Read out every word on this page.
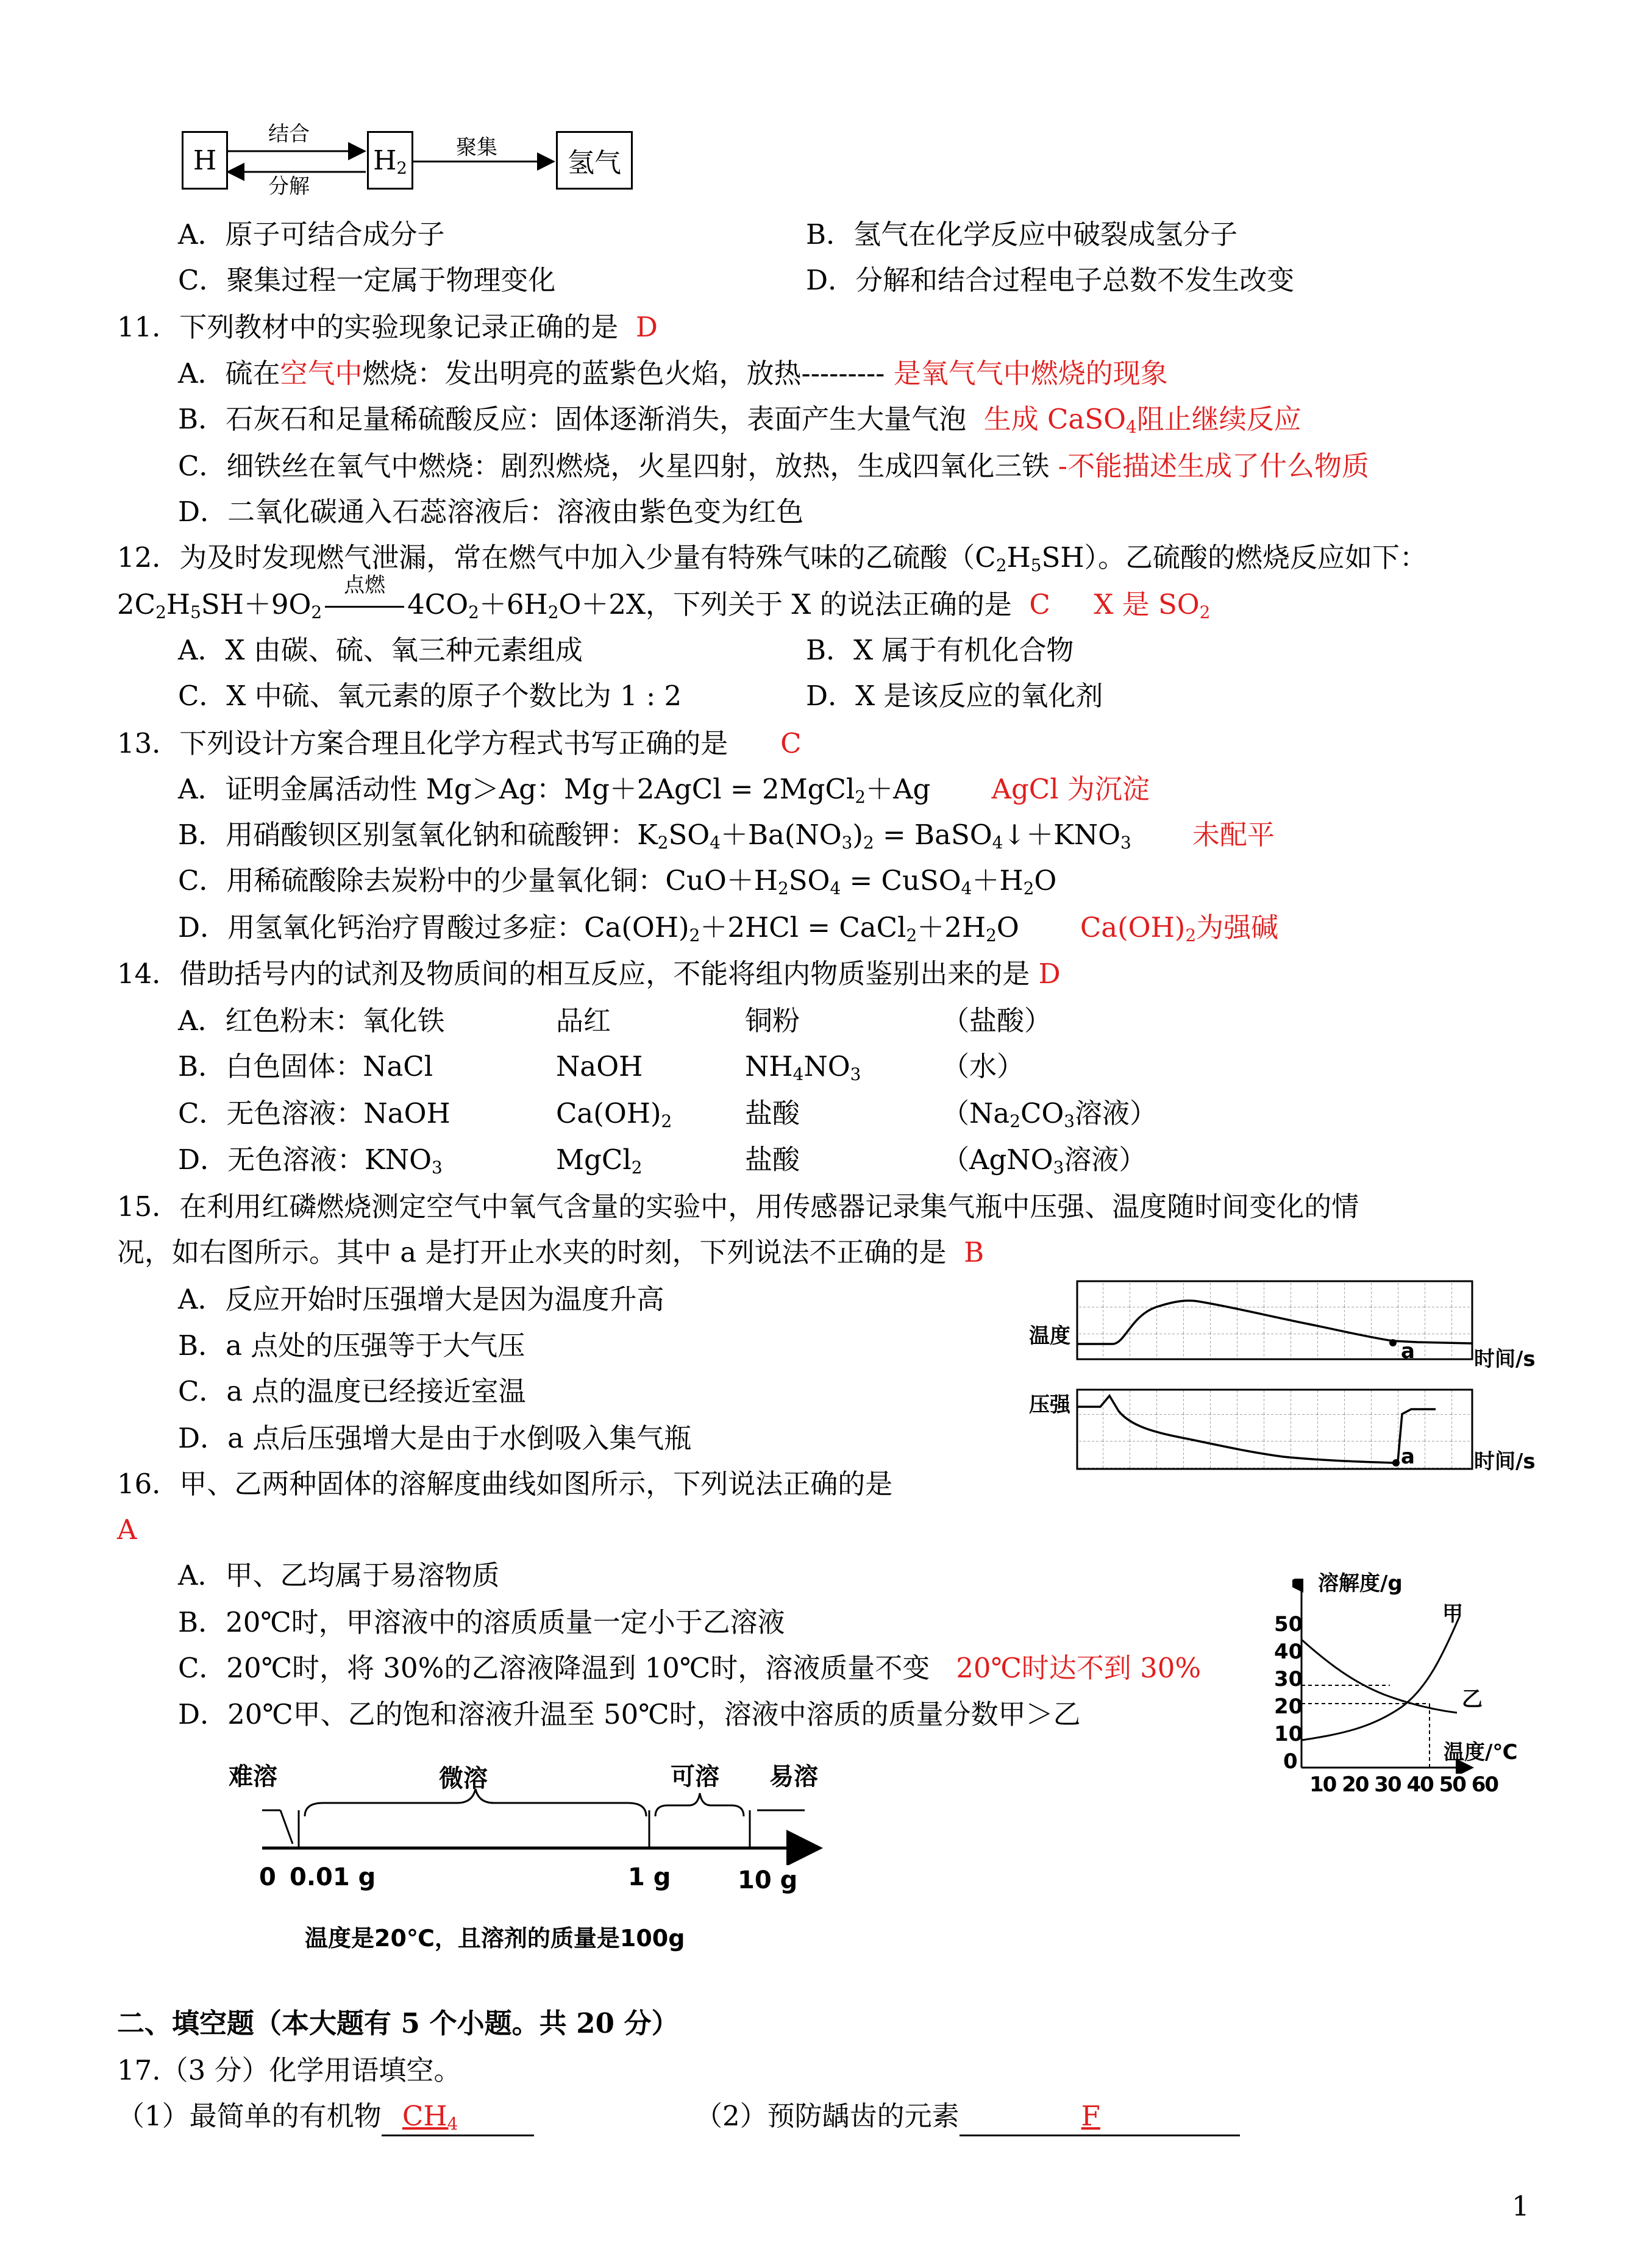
H	$H_2$	氢气
结合
分解
聚集
A．原子可结合成分子	B．氢气在化学反应中破裂成氢分子
C．聚集过程一定属于物理变化	D．分解和结合过程电子总数不发生改变
11．下列教材中的实验现象记录正确的是 D
A．硫在空气中燃烧：发出明亮的蓝紫色火焰，放热--------- 是氧气气中燃烧的现象
B．石灰石和足量稀硫酸反应：固体逐渐消失，表面产生大量气泡 生成 CaSO$_4$阻止继续反应
C．细铁丝在氧气中燃烧：剧烈燃烧，火星四射，放热，生成四氧化三铁 -不能描述生成了什么物质
D．二氧化碳通入石蕊溶液后：溶液由紫色变为红色
12．为及时发现燃气泄漏，常在燃气中加入少量有特殊气味的乙硫酸$(C_2H_5SH)$。乙硫酸的燃烧反应如下：
$2C_2H_5SH+9O_2$
点燃
$4CO_2+6H_2O+2X$，下列关于 X 的说法正确的是 C X 是 $SO_2$
A．X 由碳、硫、氧三种元素组成	B．X 属于有机化合物
C．X 中硫、氧元素的原子个数比为 1 : 2	D．X 是该反应的氧化剂
13．下列设计方案合理且化学方程式书写正确的是 C
A．证明金属活动性 Mg＞Ag：Mg＋2AgCl = 2MgCl$_2$＋Ag AgCl 为沉淀
B．用硝酸钡区别氢氧化钠和硫酸钾：$K_2SO_4+Ba(NO_3)_2$ = $BaSO_4↓+KNO_3$ 未配平
C．用稀硫酸除去炭粉中的少量氧化铜：$CuO+H_2SO_4$ = $CuSO_4+H_2O$
D．用氢氧化钙治疗胃酸过多症：$Ca(OH)_2+2HCl$ = $CaCl_2+2H_2O$ $Ca(OH)_2$为强碱
14．借助括号内的试剂及物质间的相互反应，不能将组内物质鉴别出来的是 D
A．红色粉末：氧化铁	品红	铜粉	（盐酸）
B．白色固体：NaCl	NaOH	$NH_4NO_3$	（水）
C．无色溶液：NaOH	$Ca(OH)_2$	盐酸	（$Na_2CO_3$溶液）
D．无色溶液：$KNO_3$	MgCl$_2$	盐酸	（AgNO$_3$溶液）
15．在利用红磷燃烧测定空气中氧气含量的实验中，用传感器记录集气瓶中压强、温度随时间变化的情
况，如右图所示。其中 a 是打开止水夹的时刻，下列说法不正确的是 B
A．反应开始时压强增大是因为温度升高
B．a 点处的压强等于大气压
C．a 点的温度已经接近室温
D．a 点后压强增大是由于水倒吸入集气瓶
温度
压强
时间/s
时间/s
16．甲、乙两种固体的溶解度曲线如图所示，下列说法正确的是
A
A．甲、乙均属于易溶物质
B．20℃时，甲溶液中的溶质质量一定小于乙溶液
C．20℃时，将 30%的乙溶液降温到 10℃时，溶液质量不变 20℃时达不到 30%
D．20℃甲、乙的饱和溶液升温至 50℃时，溶液中溶质的质量分数甲＞乙
溶解度/g
温度/℃
甲
乙
50
40
30
20
10
0
10 20 30 40 50 60
难溶	微溶	可溶 易溶
0 0.01 g	1 g	10 g
温度是20℃，且溶剂的质量是100g
二、填空题（本大题有 5 个小题。共 20 分）
17.（3 分）化学用语填空。
（1）最简单的有机物 $CH_4$	（2）预防龋齿的元素	F
1
